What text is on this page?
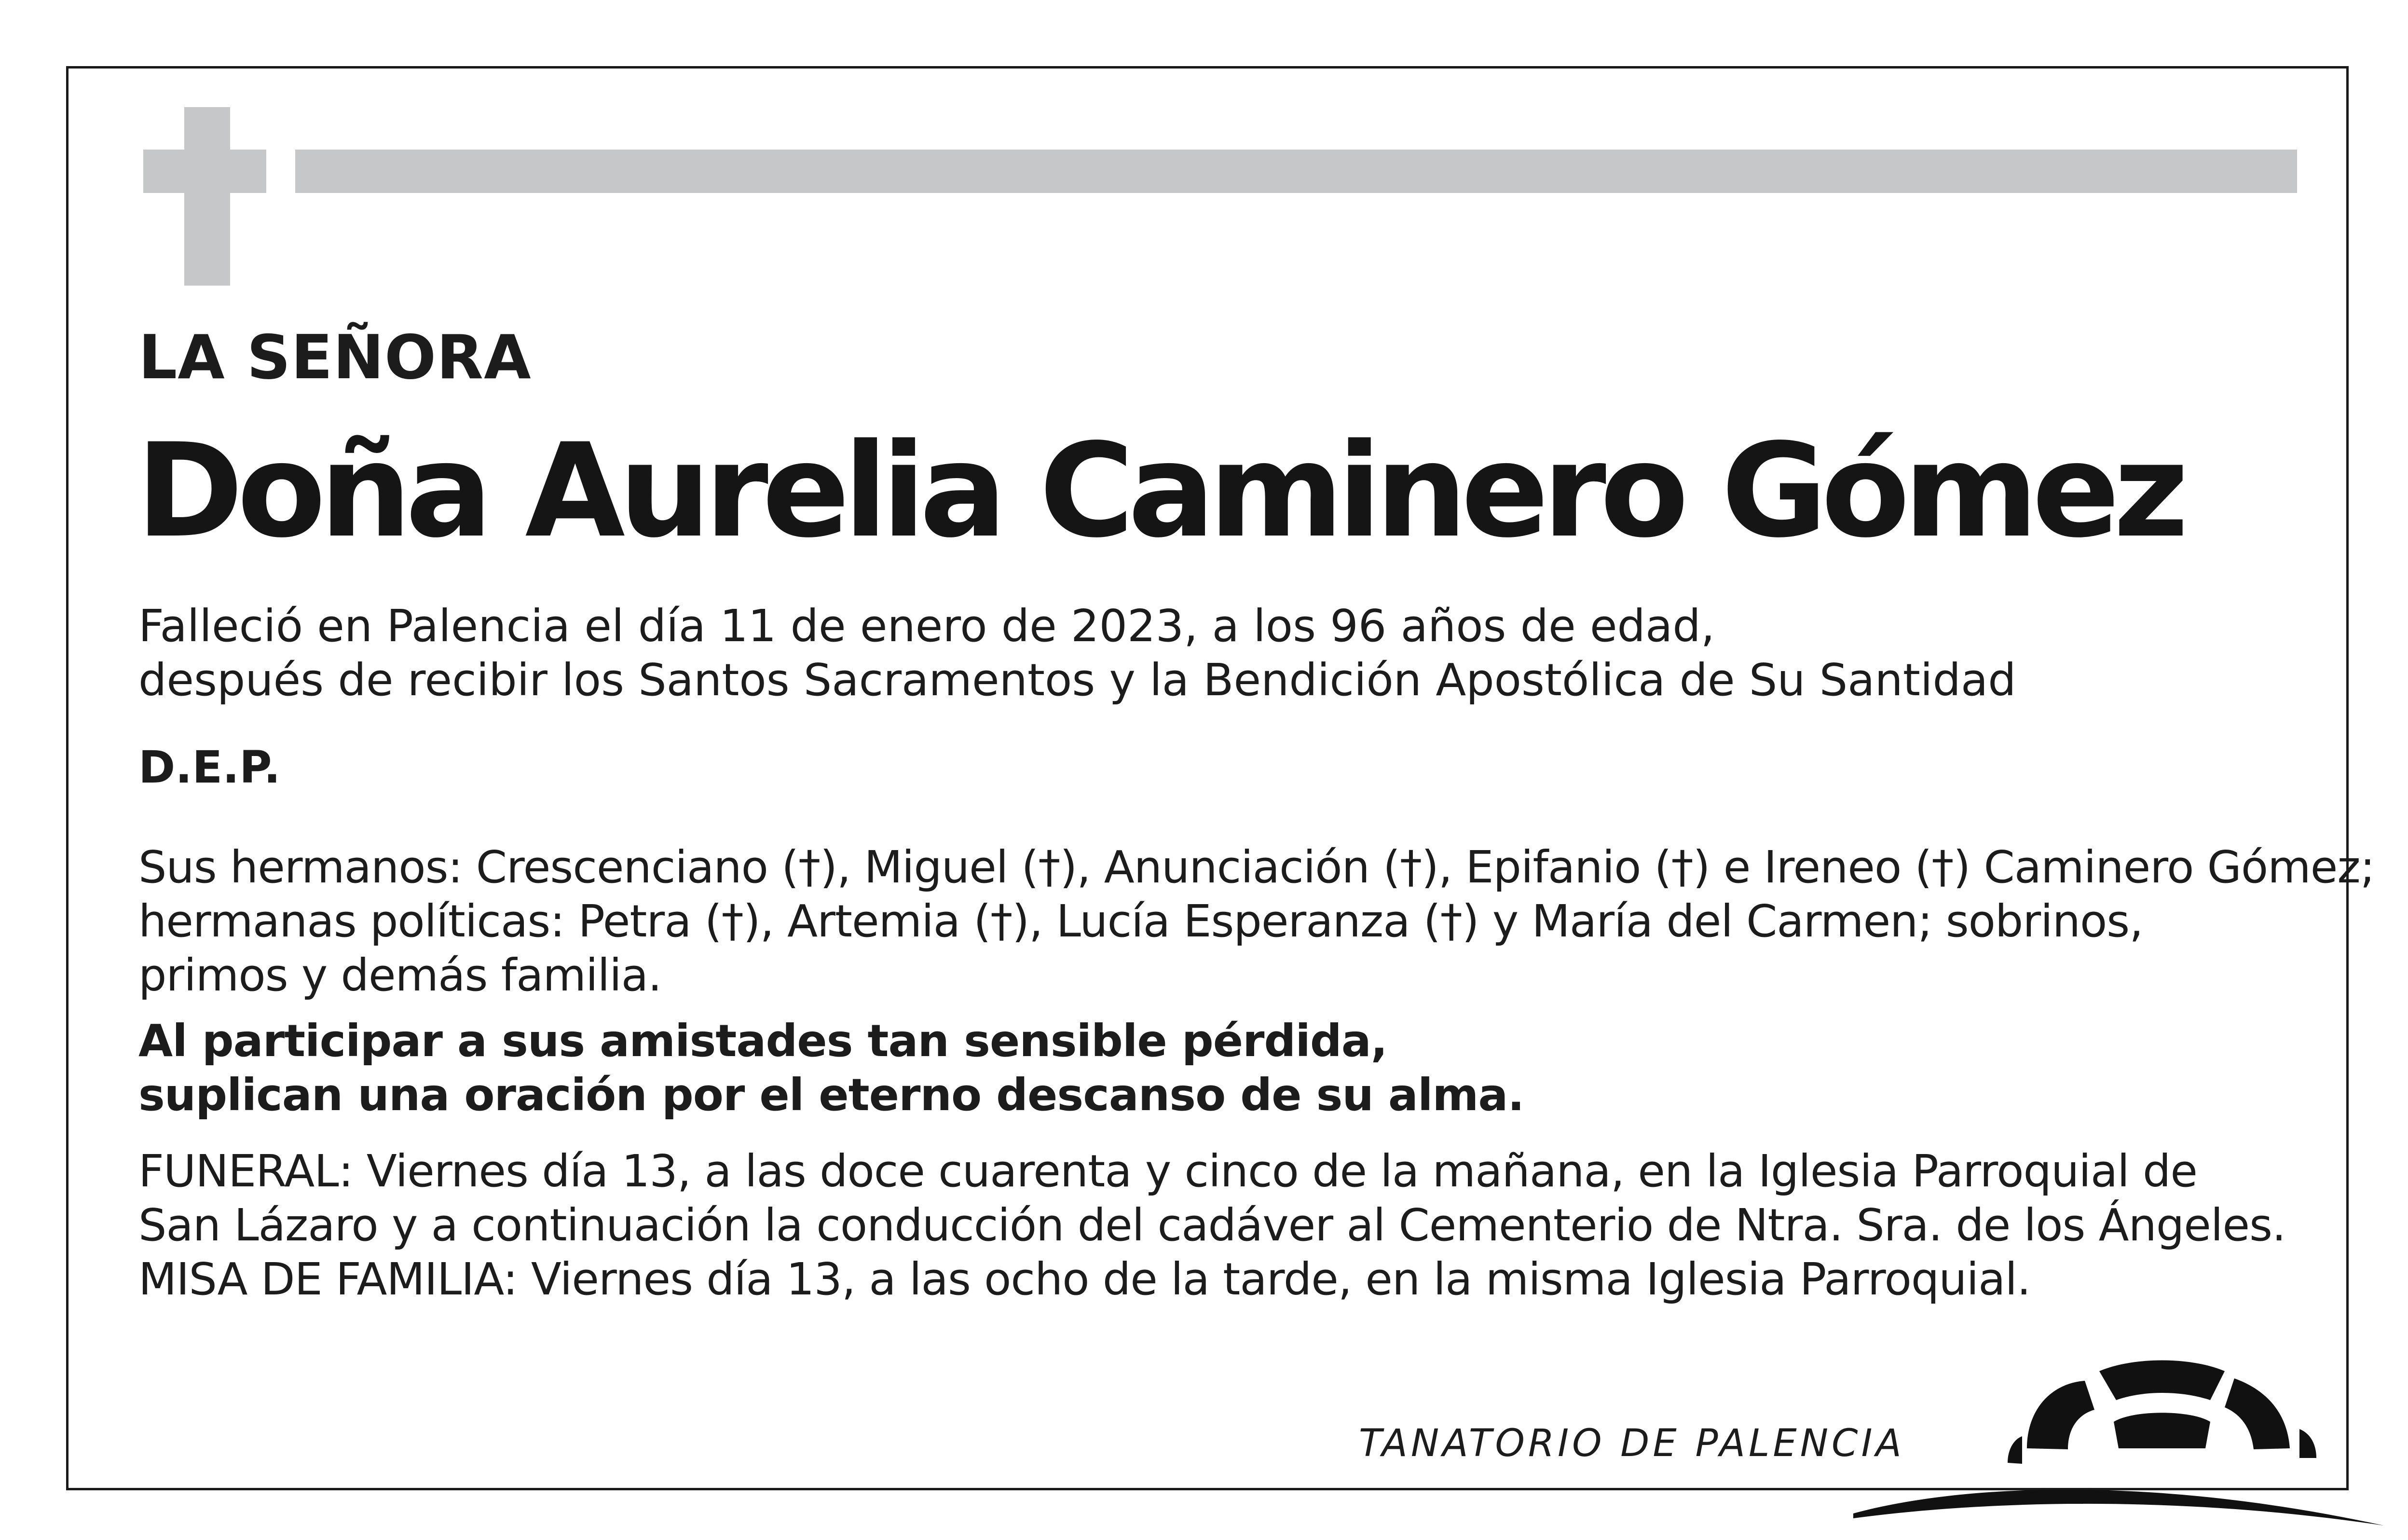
LA SEÑORA
Doña Aurelia Caminero Gómez
Falleció en Palencia el día 11 de enero de 2023, a los 96 años de edad,
después de recibir los Santos Sacramentos y la Bendición Apostólica de Su Santidad
D.E.P.
Sus hermanos: Crescenciano (†), Miguel (†), Anunciación (†), Epifanio (†) e Ireneo (†) Caminero Gómez;
hermanas políticas: Petra (†), Artemia (†), Lucía Esperanza (†) y María del Carmen; sobrinos,
primos y demás familia.
Al participar a sus amistades tan sensible pérdida,
suplican una oración por el eterno descanso de su alma.
FUNERAL: Viernes día 13, a las doce cuarenta y cinco de la mañana, en la Iglesia Parroquial de
San Lázaro y a continuación la conducción del cadáver al Cementerio de Ntra. Sra. de los Ángeles.
MISA DE FAMILIA: Viernes día 13, a las ocho de la tarde, en la misma Iglesia Parroquial.
TANATORIO DE PALENCIA
